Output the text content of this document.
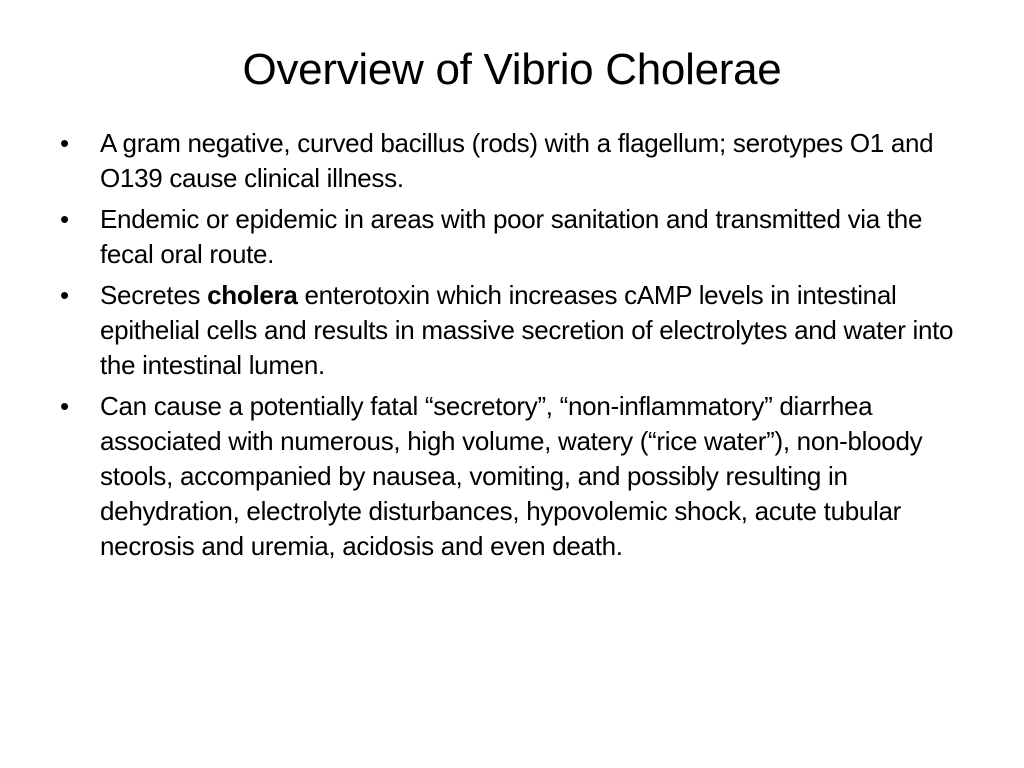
Overview of Vibrio Cholerae
•	A gram negative, curved bacillus (rods) with a flagellum; serotypes O1 and O139 cause clinical illness.
•	Endemic or epidemic in areas with poor sanitation and transmitted via the fecal oral route.
•	Secretes cholera enterotoxin which increases cAMP levels in intestinal epithelial cells and results in massive secretion of electrolytes and water into the intestinal lumen.
•	Can cause a potentially fatal “secretory”, “non-inflammatory” diarrhea associated with numerous, high volume, watery (“rice water”), non-bloody stools, accompanied by nausea, vomiting, and possibly resulting in dehydration, electrolyte disturbances, hypovolemic shock, acute tubular necrosis and uremia, acidosis and even death.
